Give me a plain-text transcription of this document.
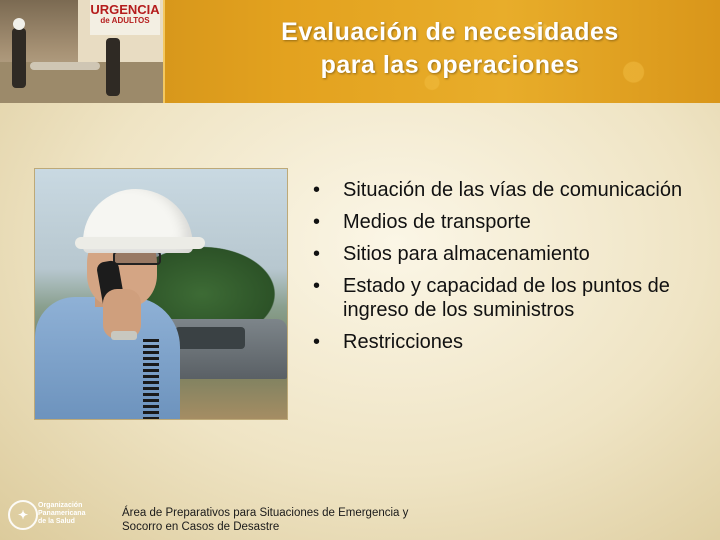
URGENCIA
de ADULTOS	Evaluación de necesidades
para las operaciones
•	Situación de las vías de comunicación
•	Medios de transporte
•	Sitios para almacenamiento
•	Estado y capacidad de los puntos de ingreso de los suministros
•	Restricciones
✦
Organización
Panamericana
de la Salud
Área de Preparativos para Situaciones de Emergencia y
Socorro en Casos de Desastre
